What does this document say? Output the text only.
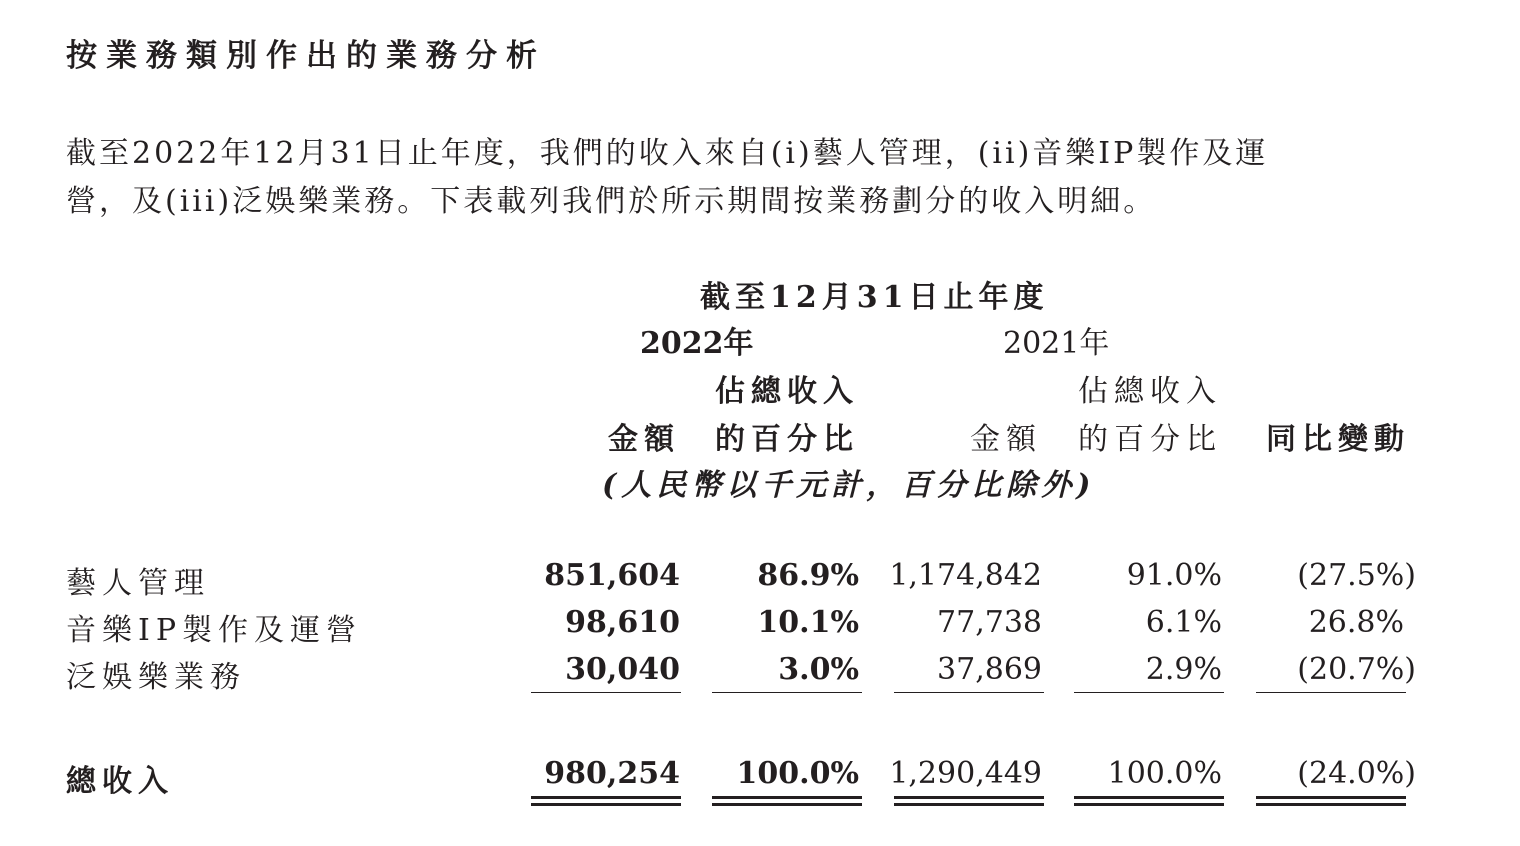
按業務類別作出的業務分析
截至2022年12月31日止年度，我們的收入來自(i)藝人管理，(ii)音樂IP製作及運
營，及(iii)泛娛樂業務。下表載列我們於所示期間按業務劃分的收入明細。
截至12月31日止年度
2022年	2021年
佔總收入	佔總收入
金額 的百分比	金額 的百分比 同比變動
(人民幣以千元計，百分比除外)
藝人管理	851,604	86.9% 1,174,842	91.0%	(27.5%)
音樂IP製作及運營	98,610	10.1%	77,738	6.1%	26.8%
泛娛樂業務	30,040	3.0%	37,869	2.9%	(20.7%)
總收入	980,254 100.0% 1,290,449 100.0%	(24.0%)
